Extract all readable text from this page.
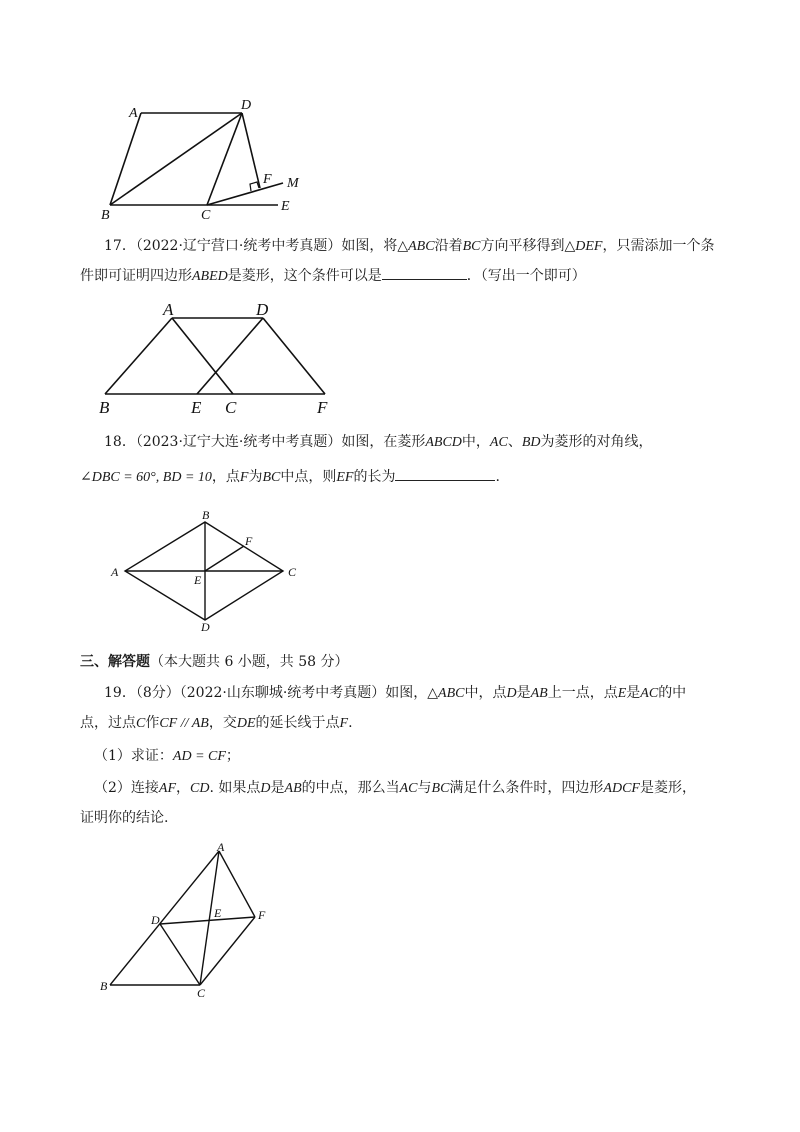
A
D
B	C
F M
E
17．（2022·辽宁营口·统考中考真题）如图，将△ABC沿着BC方向平移得到△DEF，只需添加一个条
件即可证明四边形ABED是菱形，这个条件可以是	．（写出一个即可）
A	D
B	E C	F
18．（2023·辽宁大连·统考中考真题）如图，在菱形ABCD中，AC、BD为菱形的对角线，
∠DBC = 60°, BD = 10，点F为BC中点，则EF的长为	.
B
F
A
E
C
D
三、解答题（本大题共 6 小题，共 58 分）
19．（8分）（2022·山东聊城·统考中考真题）如图，△ABC中，点D是AB上一点，点E是AC的中
点，过点C作CF // AB，交DE的延长线于点F.
（1）求证：AD = CF；
（2）连接AF，CD. 如果点D是AB的中点，那么当AC与BC满足什么条件时，四边形ADCF是菱形，
证明你的结论.
A
D	E	F
B	C
